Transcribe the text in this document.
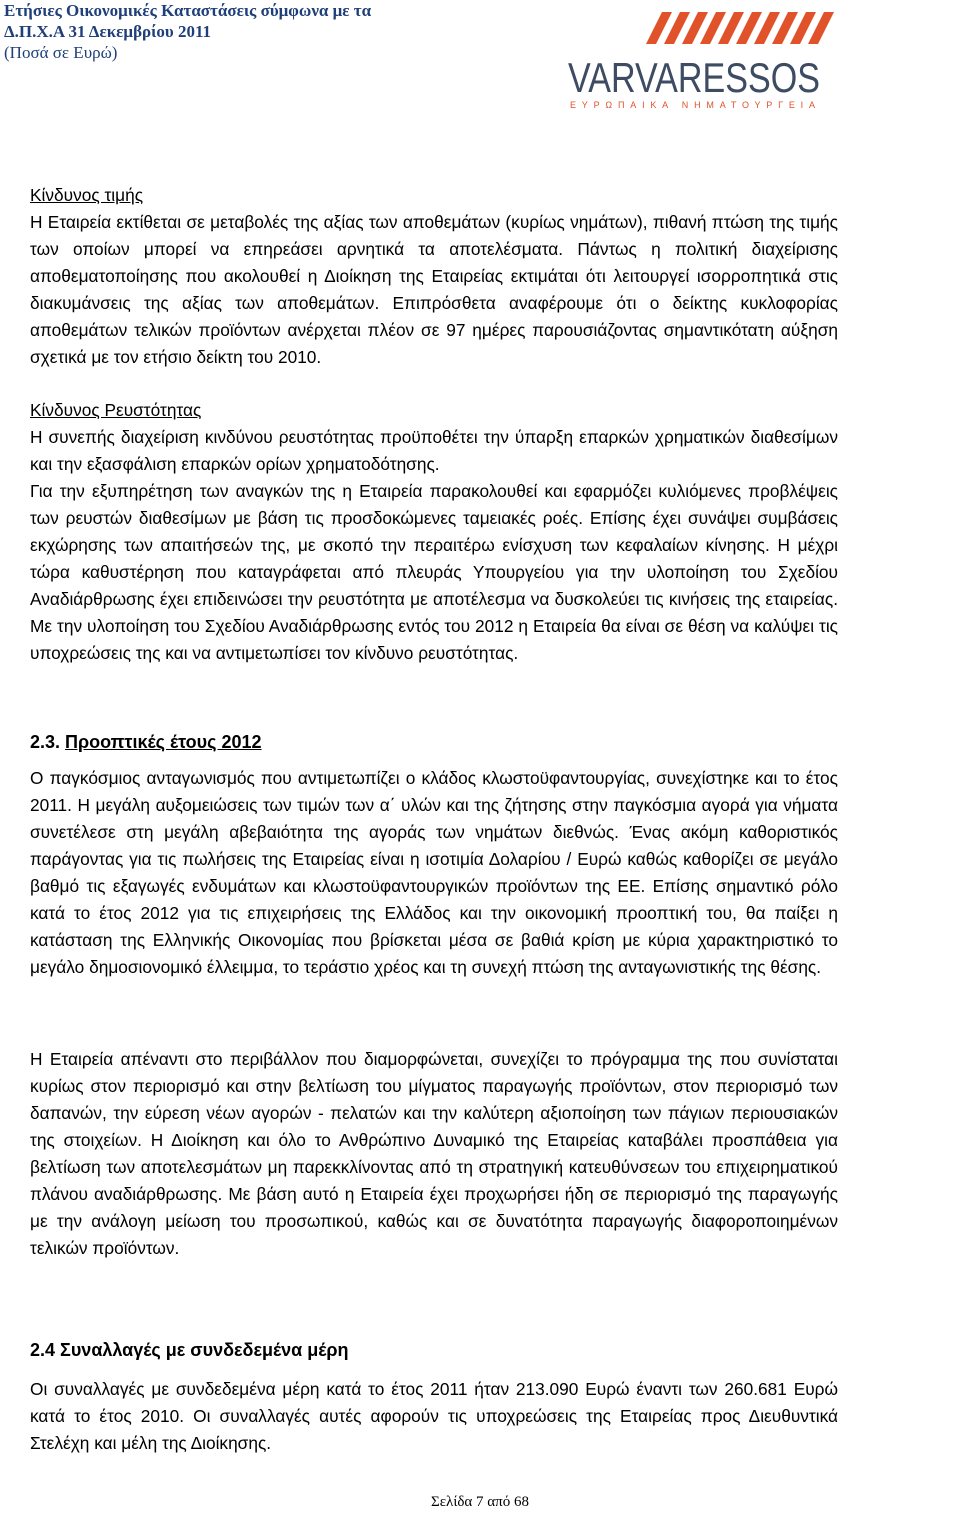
Ετήσιες Οικονομικές Καταστάσεις σύμφωνα με τα
Δ.Π.Χ.Α 31 Δεκεμβρίου 2011
(Ποσά σε Ευρώ)
VARVARESSOS
ΕΥΡΩΠΑΙΚΑ ΝΗΜΑΤΟΥΡΓΕΙΑ

Κίνδυνος τιμής

Η Εταιρεία εκτίθεται σε μεταβολές της αξίας των αποθεμάτων (κυρίως νημάτων), πιθανή πτώση της τιμής των οποίων μπορεί να επηρεάσει αρνητικά τα αποτελέσματα. Πάντως η πολιτική διαχείρισης αποθεματοποίησης που ακολουθεί η Διοίκηση της Εταιρείας εκτιμάται ότι λειτουργεί ισορροπητικά στις διακυμάνσεις της αξίας των αποθεμάτων. Επιπρόσθετα αναφέρουμε ότι ο δείκτης κυκλοφορίας αποθεμάτων τελικών προϊόντων ανέρχεται πλέον σε 97 ημέρες παρουσιάζοντας σημαντικότατη αύξηση σχετικά με τον ετήσιο δείκτη του 2010.

Κίνδυνος Ρευστότητας

Η συνεπής διαχείριση κινδύνου ρευστότητας προϋποθέτει την ύπαρξη επαρκών χρηματικών διαθεσίμων και την εξασφάλιση επαρκών ορίων χρηματοδότησης.

Για την εξυπηρέτηση των αναγκών της η Εταιρεία παρακολουθεί και εφαρμόζει κυλιόμενες προβλέψεις των ρευστών διαθεσίμων με βάση τις προσδοκώμενες ταμειακές ροές. Επίσης έχει συνάψει συμβάσεις εκχώρησης των απαιτήσεών της, με σκοπό την περαιτέρω ενίσχυση των κεφαλαίων κίνησης. Η μέχρι τώρα καθυστέρηση που καταγράφεται από πλευράς Υπουργείου για την υλοποίηση του Σχεδίου Αναδιάρθρωσης έχει επιδεινώσει την ρευστότητα με αποτέλεσμα να δυσκολεύει τις κινήσεις της εταιρείας. Με την υλοποίηση του Σχεδίου Αναδιάρθρωσης εντός του 2012 η Εταιρεία θα είναι σε θέση να καλύψει τις υποχρεώσεις της και να αντιμετωπίσει τον κίνδυνο ρευστότητας.

2.3. Προοπτικές έτους 2012

Ο παγκόσμιος ανταγωνισμός που αντιμετωπίζει ο κλάδος κλωστοϋφαντουργίας, συνεχίστηκε και το έτος 2011. Η μεγάλη αυξομειώσεις των τιμών των α΄ υλών και της ζήτησης στην παγκόσμια αγορά για νήματα συνετέλεσε στη μεγάλη αβεβαιότητα της αγοράς των νημάτων διεθνώς. Ένας ακόμη καθοριστικός παράγοντας για τις πωλήσεις της Εταιρείας είναι η ισοτιμία Δολαρίου / Ευρώ καθώς καθορίζει σε μεγάλο βαθμό τις εξαγωγές ενδυμάτων και κλωστοϋφαντουργικών προϊόντων της ΕΕ. Επίσης σημαντικό ρόλο κατά το έτος 2012 για τις επιχειρήσεις της Ελλάδος και την οικονομική προοπτική του, θα παίξει η κατάσταση της Ελληνικής Οικονομίας που βρίσκεται μέσα σε βαθιά κρίση με κύρια χαρακτηριστικό το μεγάλο δημοσιονομικό έλλειμμα, το τεράστιο χρέος και τη συνεχή πτώση της ανταγωνιστικής της θέσης.

Η Εταιρεία απέναντι στο περιβάλλον που διαμορφώνεται, συνεχίζει το πρόγραμμα της που συνίσταται κυρίως στον περιορισμό και στην βελτίωση του μίγματος παραγωγής προϊόντων, στον περιορισμό των δαπανών, την εύρεση νέων αγορών - πελατών και την καλύτερη αξιοποίηση των πάγιων περιουσιακών της στοιχείων. Η Διοίκηση και όλο το Ανθρώπινο Δυναμικό της Εταιρείας καταβάλει προσπάθεια για βελτίωση των αποτελεσμάτων μη παρεκκλίνοντας από τη στρατηγική κατευθύνσεων του επιχειρηματικού πλάνου αναδιάρθρωσης. Με βάση αυτό η Εταιρεία έχει προχωρήσει ήδη σε περιορισμό της παραγωγής με την ανάλογη μείωση του προσωπικού, καθώς και σε δυνατότητα παραγωγής διαφοροποιημένων τελικών προϊόντων.

2.4 Συναλλαγές με συνδεδεμένα μέρη

Οι συναλλαγές με συνδεδεμένα μέρη κατά το έτος 2011 ήταν 213.090 Ευρώ έναντι των 260.681 Ευρώ κατά το έτος 2010. Οι συναλλαγές αυτές αφορούν τις υποχρεώσεις της Εταιρείας προς Διευθυντικά Στελέχη και μέλη της Διοίκησης.

Σελίδα 7 από 68
